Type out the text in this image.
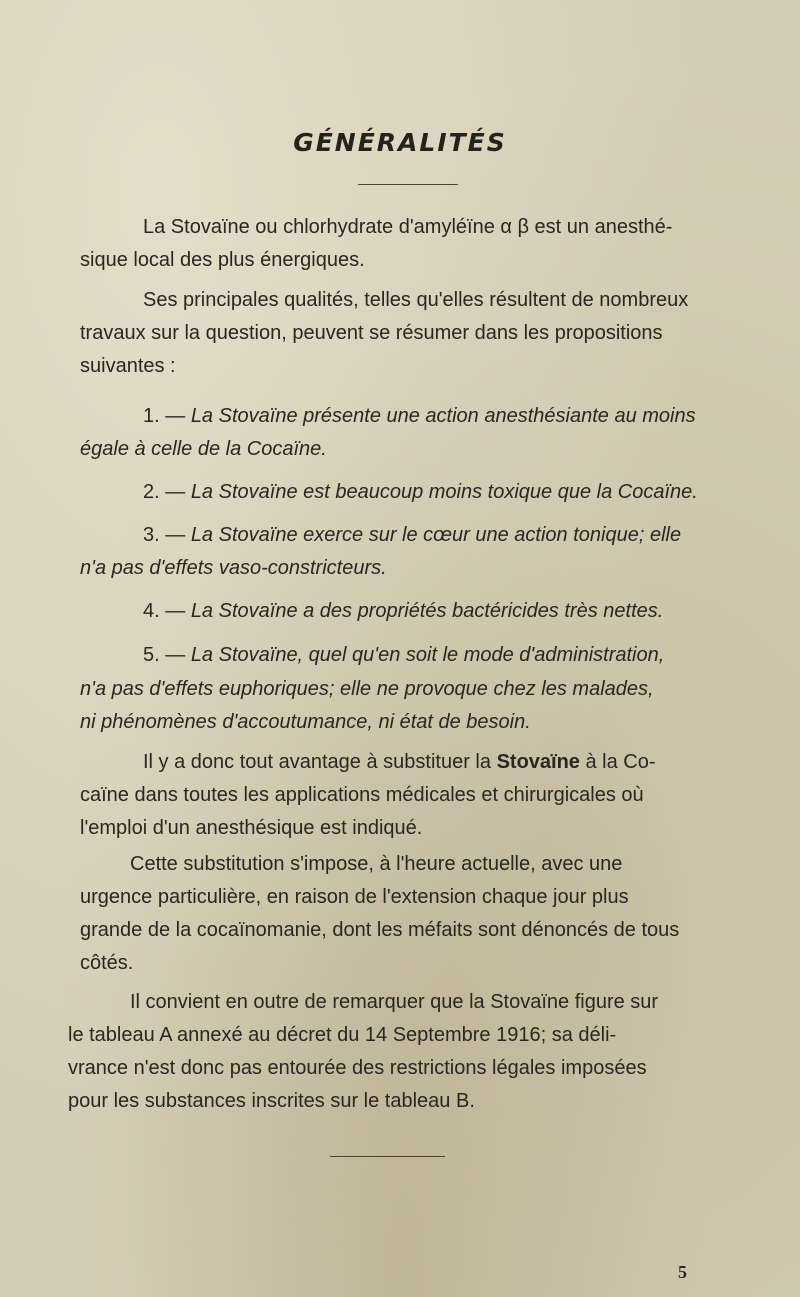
GÉNÉRALITÉS
La Stovaïne ou chlorhydrate d'amyléïne α β est un anesthé-
sique local des plus énergiques.
Ses principales qualités, telles qu'elles résultent de nombreux
travaux sur la question, peuvent se résumer dans les propositions
suivantes :
1. — La Stovaïne présente une action anesthésiante au moins
égale à celle de la Cocaïne.
2. — La Stovaïne est beaucoup moins toxique que la Cocaïne.
3. — La Stovaïne exerce sur le cœur une action tonique; elle
n'a pas d'effets vaso-constricteurs.
4. — La Stovaïne a des propriétés bactéricides très nettes.
5. — La Stovaïne, quel qu'en soit le mode d'administration,
n'a pas d'effets euphoriques; elle ne provoque chez les malades,
ni phénomènes d'accoutumance, ni état de besoin.
Il y a donc tout avantage à substituer la Stovaïne à la Co-
caïne dans toutes les applications médicales et chirurgicales où
l'emploi d'un anesthésique est indiqué.
Cette substitution s'impose, à l'heure actuelle, avec une
urgence particulière, en raison de l'extension chaque jour plus
grande de la cocaïnomanie, dont les méfaits sont dénoncés de tous
côtés.
Il convient en outre de remarquer que la Stovaïne figure sur
le tableau A annexé au décret du 14 Septembre 1916; sa déli-
vrance n'est donc pas entourée des restrictions légales imposées
pour les substances inscrites sur le tableau B.
5
